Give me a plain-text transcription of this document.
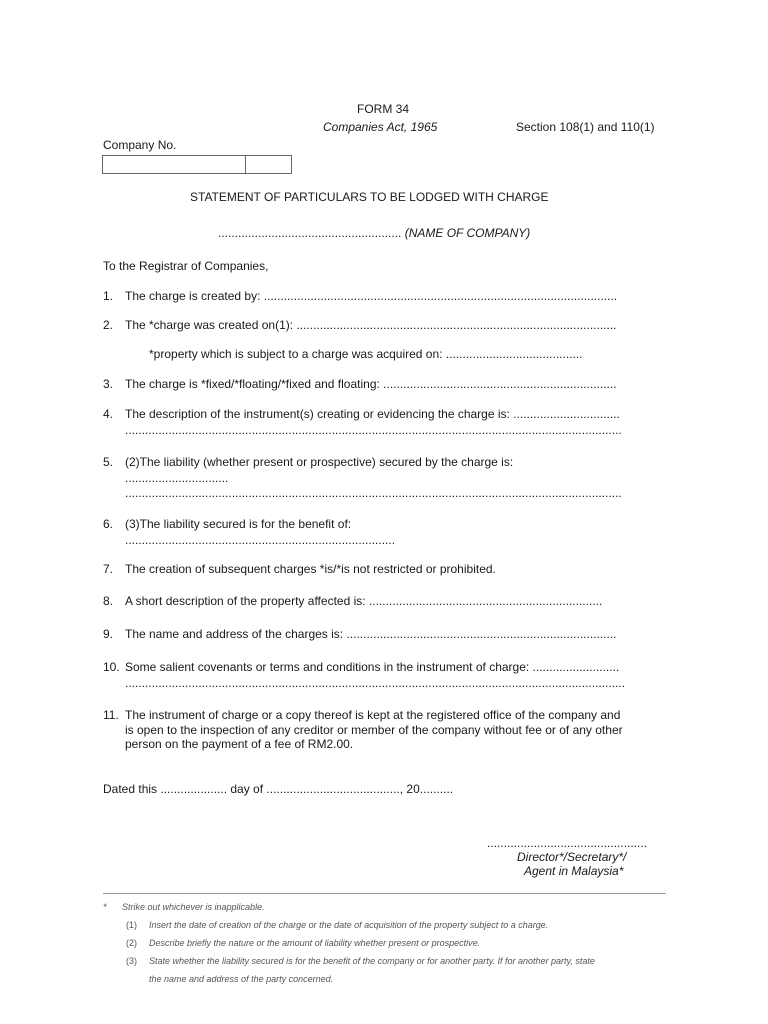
FORM 34
Companies Act, 1965	Section 108(1) and 110(1)
Company No.
STATEMENT OF PARTICULARS TO BE LODGED WITH CHARGE
....................................................... (NAME OF COMPANY)
To the Registrar of Companies,
1. The charge is created by: ..........................................................................................................
2. The *charge was created on(1): ................................................................................................
*property which is subject to a charge was acquired on: .........................................
3. The charge is *fixed/*floating/*fixed and floating: ......................................................................
4. The description of the instrument(s) creating or evidencing the charge is: ................................
.....................................................................................................................................................
5. (2)The liability (whether present or prospective) secured by the charge is:
...............................
.....................................................................................................................................................
6. (3)The liability secured is for the benefit of:
.................................................................................
7. The creation of subsequent charges *is/*is not restricted or prohibited.
8. A short description of the property affected is: ......................................................................
9. The name and address of the charges is: .................................................................................
10. Some salient covenants or terms and conditions in the instrument of charge: ..........................
......................................................................................................................................................
11. The instrument of charge or a copy thereof is kept at the registered office of the company and
is open to the inspection of any creditor or member of the company without fee or of any other
person on the payment of a fee of RM2.00.
Dated this .................... day of ........................................, 20..........
................................................
Director*/Secretary*/
Agent in Malaysia*
* Strike out whichever is inapplicable.
(1) Insert the date of creation of the charge or the date of acquisition of the property subject to a charge.
(2) Describe briefly the nature or the amount of liability whether present or prospective.
(3) State whether the liability secured is for the benefit of the company or for another party. If for another party, state
the name and address of the party concerned.
